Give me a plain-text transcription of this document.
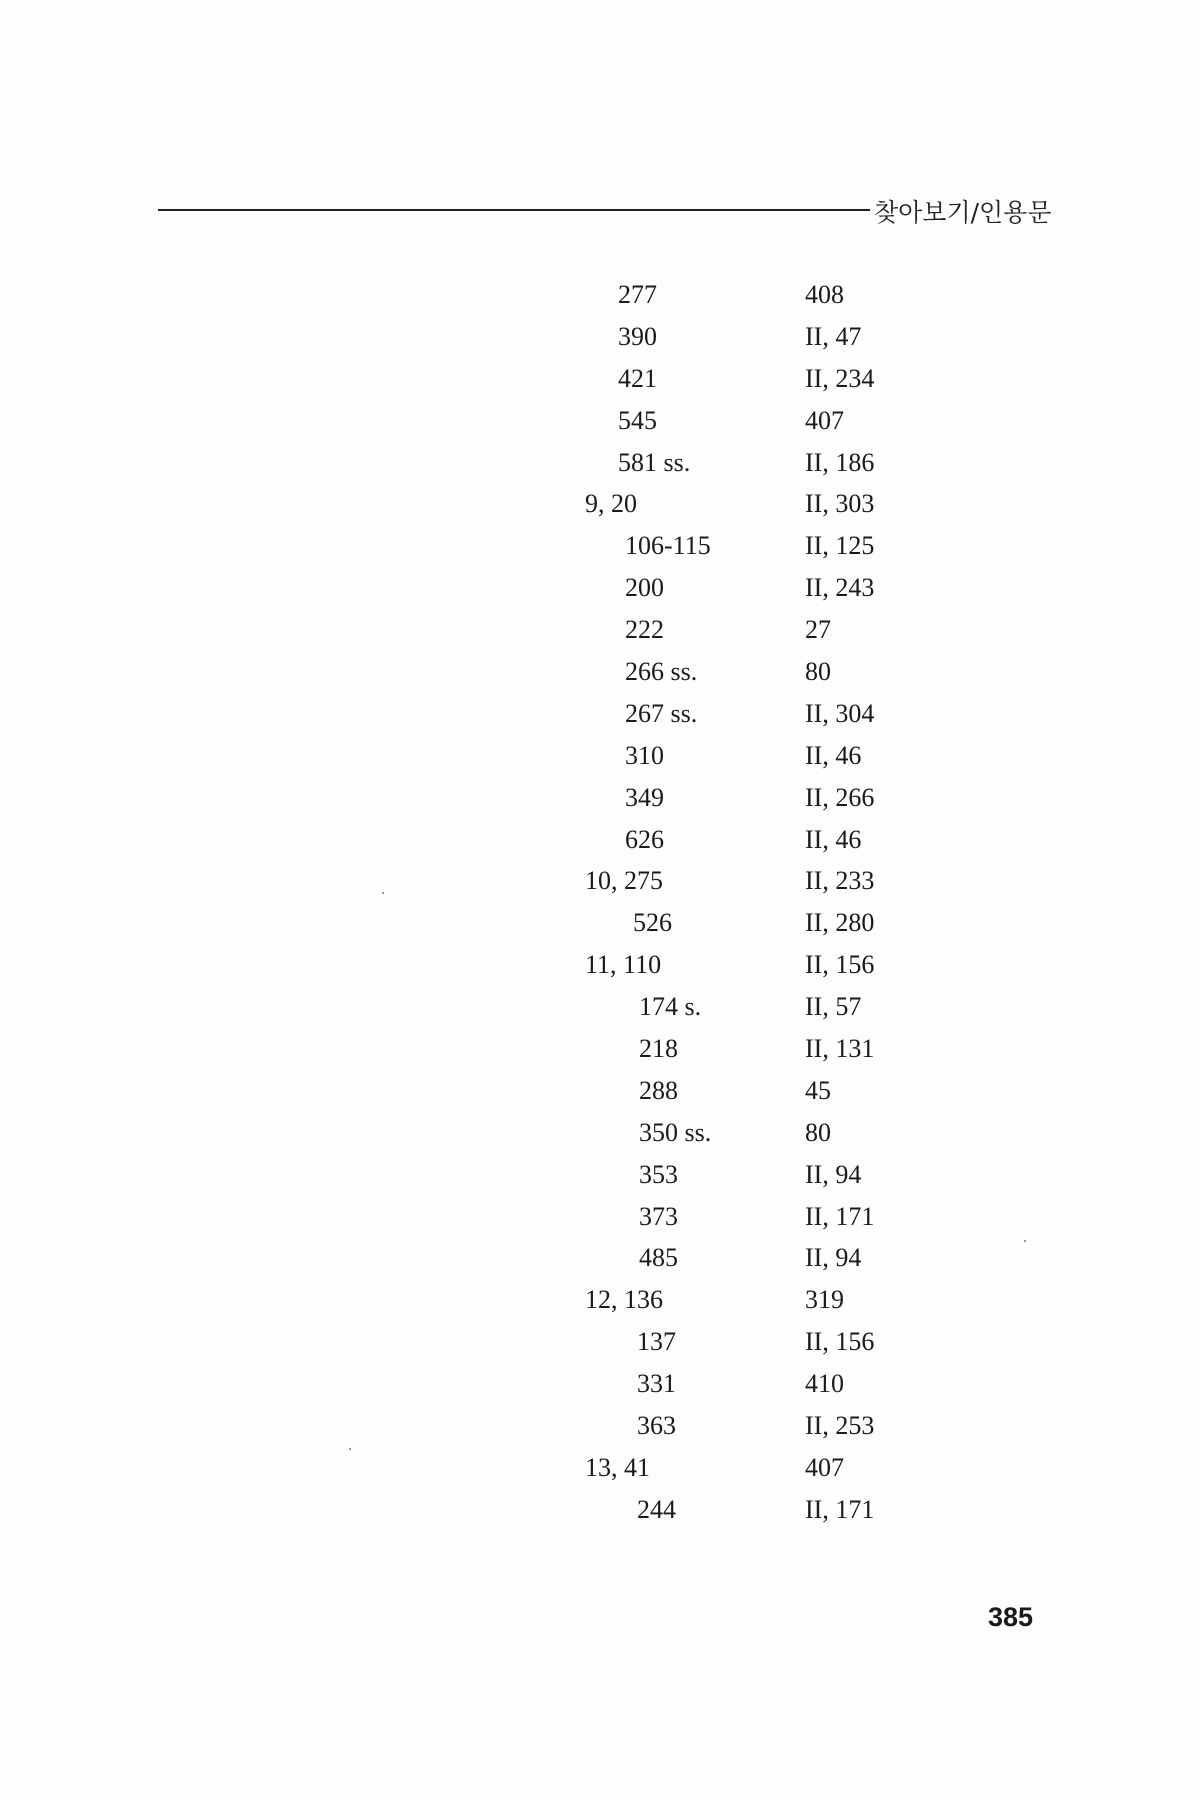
찾아보기/인용문
277	408
390	II, 47
421	II, 234
545	407
581 ss.	II, 186
9, 20	II, 303
106-115	II, 125
200	II, 243
222	27
266 ss.	80
267 ss.	II, 304
310	II, 46
349	II, 266
626	II, 46
10, 275	II, 233
526	II, 280
11, 110	II, 156
174 s.	II, 57
218	II, 131
288	45
350 ss.	80
353	II, 94
373	II, 171
485	II, 94
12, 136	319
137	II, 156
331	410
363	II, 253
13, 41	407
244	II, 171
385
